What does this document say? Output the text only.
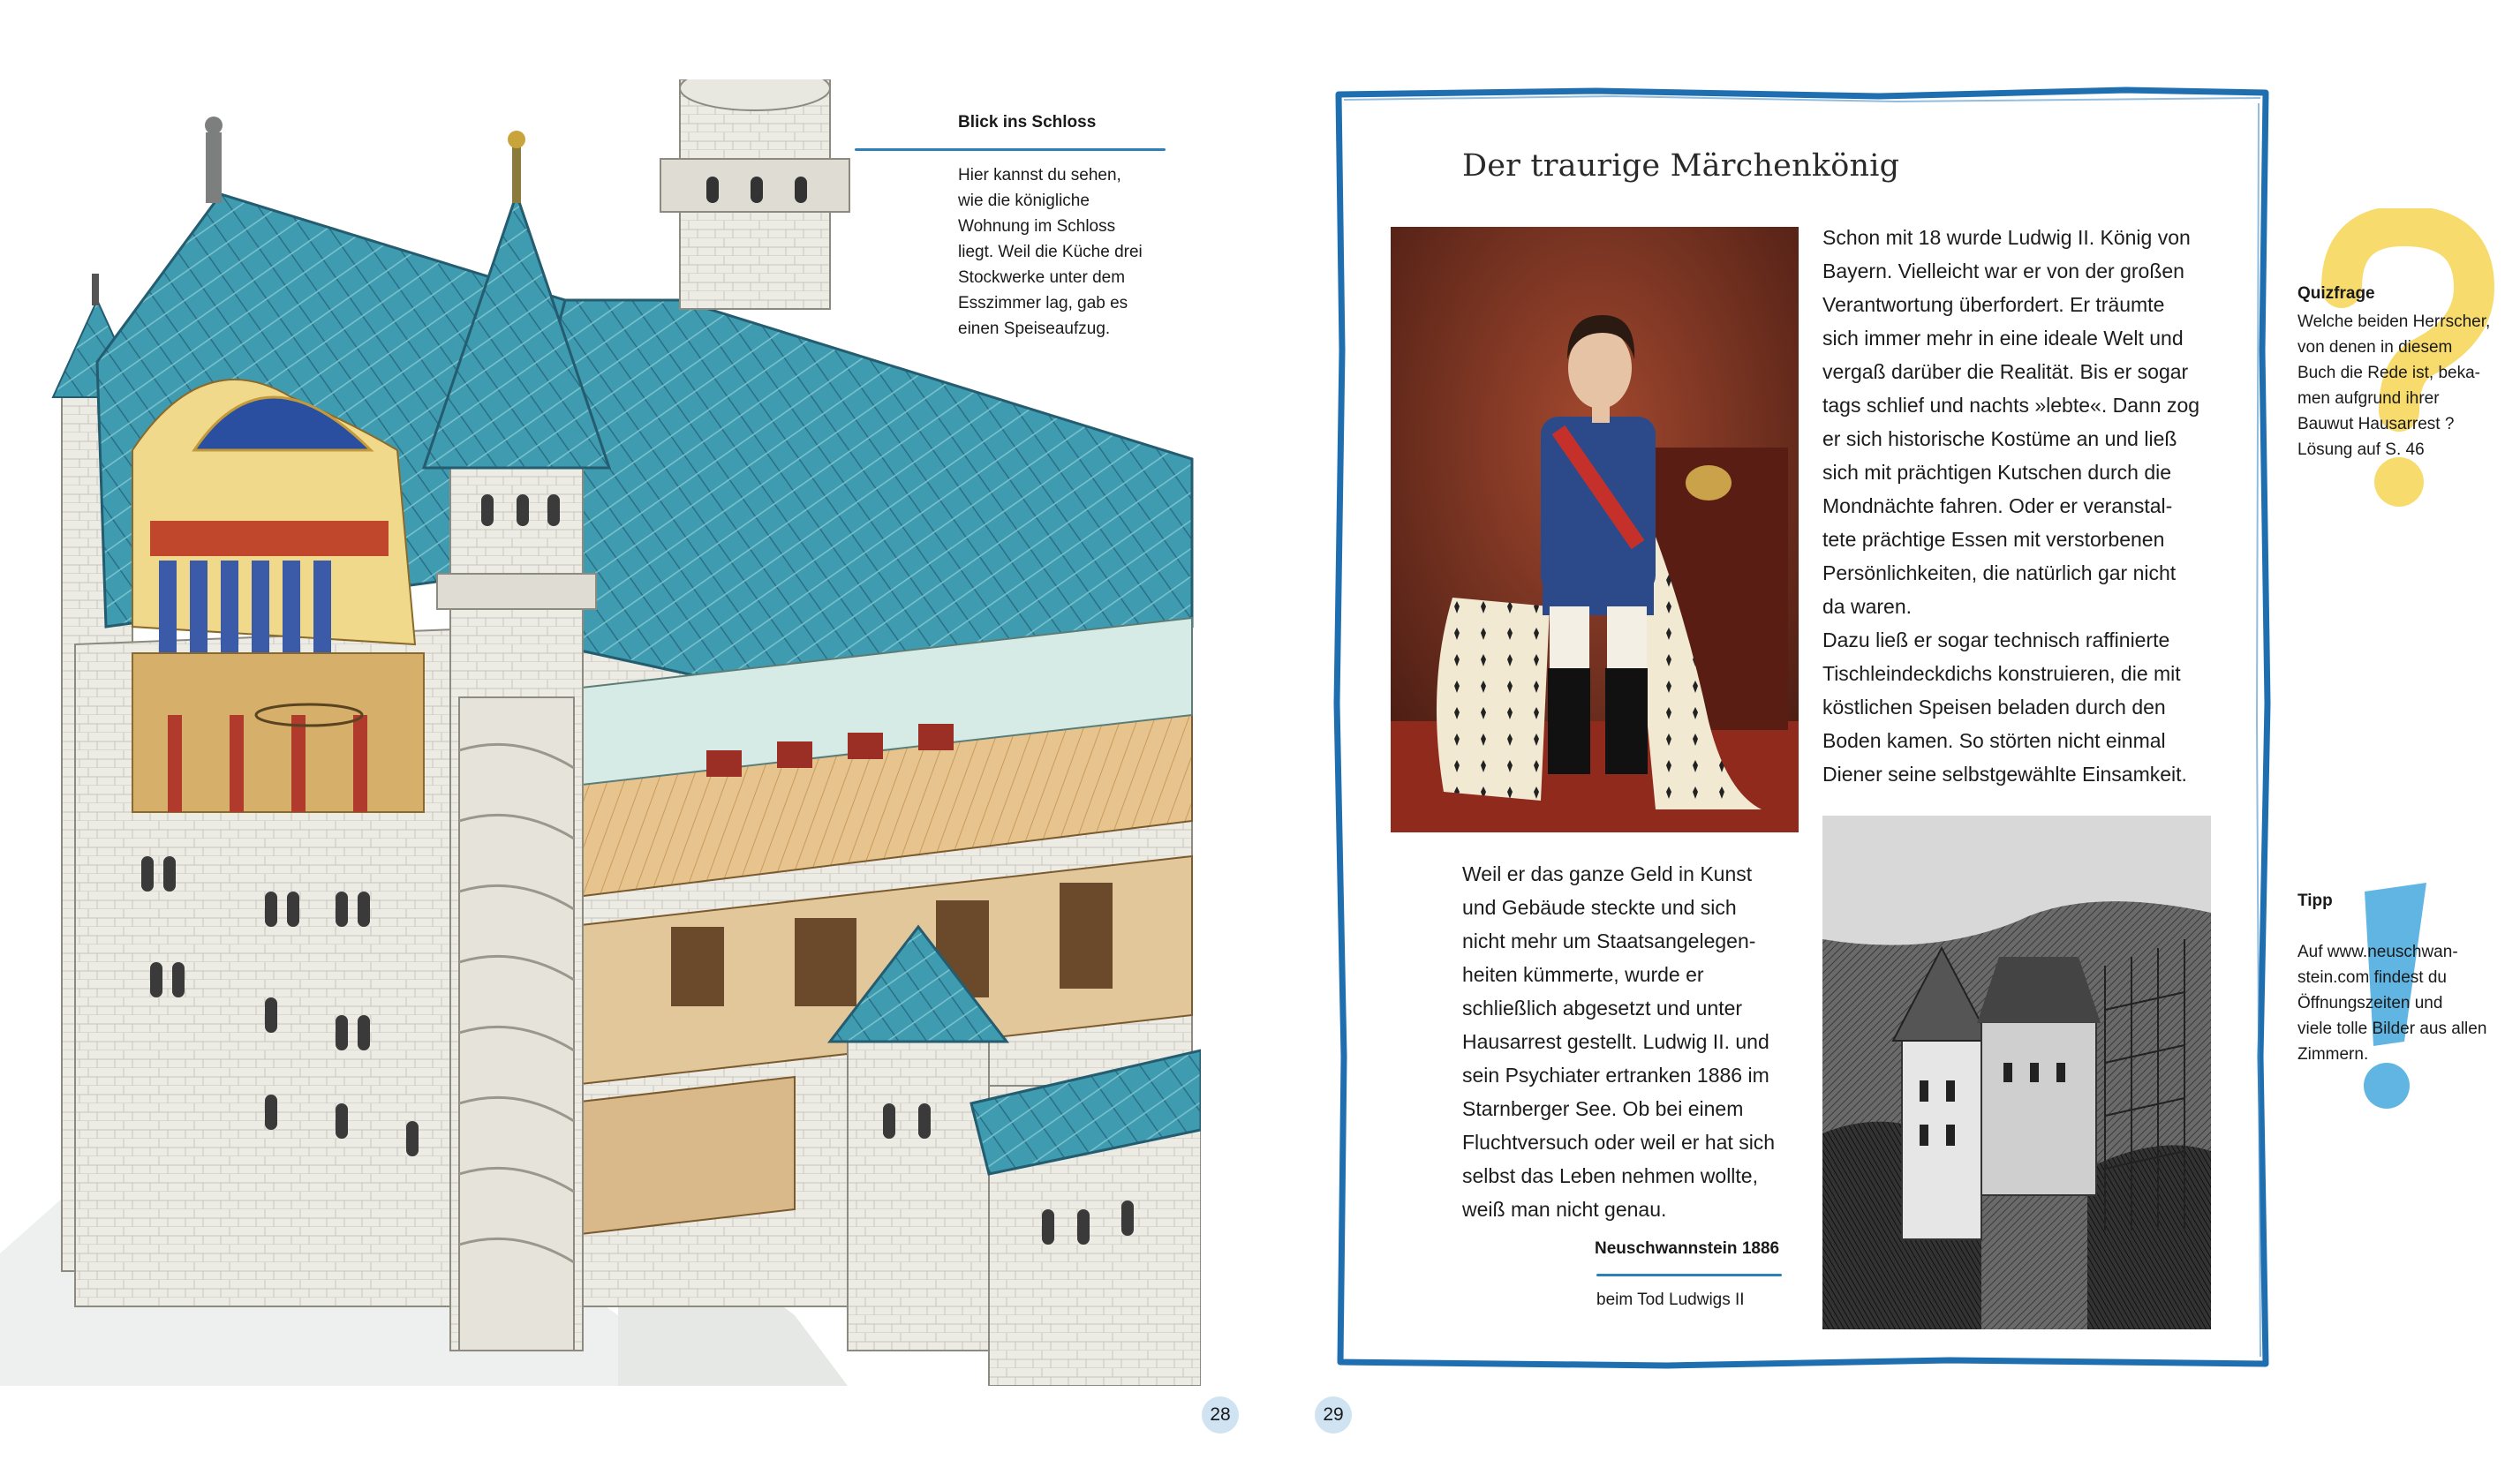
Blick ins Schloss
Hier kannst du sehen,
wie die königliche
Wohnung im Schloss
liegt. Weil die Küche drei
Stockwerke unter dem
Esszimmer lag, gab es
einen Speiseaufzug.
28
Der traurige Märchenkönig
Schon mit 18 wurde Ludwig II. König von
Bayern. Vielleicht war er von der großen
Verantwortung überfordert. Er träumte
sich immer mehr in eine ideale Welt und
vergaß darüber die Realität. Bis er sogar
tags schlief und nachts »lebte«. Dann zog
er sich historische Kostüme an und ließ
sich mit prächtigen Kutschen durch die
Mondnächte fahren. Oder er veranstal-
tete prächtige Essen mit verstorbenen
Persönlichkeiten, die natürlich gar nicht
da waren.
Dazu ließ er sogar technisch raffinierte
Tischleindeckdichs konstruieren, die mit
köstlichen Speisen beladen durch den
Boden kamen. So störten nicht einmal
Diener seine selbstgewählte Einsamkeit.
Weil er das ganze Geld in Kunst
und Gebäude steckte und sich
nicht mehr um Staatsangelegen-
heiten kümmerte, wurde er
schließlich abgesetzt und unter
Hausarrest gestellt. Ludwig II. und
sein Psychiater ertranken 1886 im
Starnberger See. Ob bei einem
Fluchtversuch oder weil er hat sich
selbst das Leben nehmen wollte,
weiß man nicht genau.
Neuschwannstein 1886
beim Tod Ludwigs II
Quizfrage
Welche beiden Herrscher,
von denen in diesem
Buch die Rede ist, beka-
men aufgrund ihrer
Bauwut Hausarrest ?
Lösung auf S. 46
Tipp
Auf www.neuschwan-
stein.com findest du
Öffnungszeiten und
viele tolle Bilder aus allen
Zimmern.
29
